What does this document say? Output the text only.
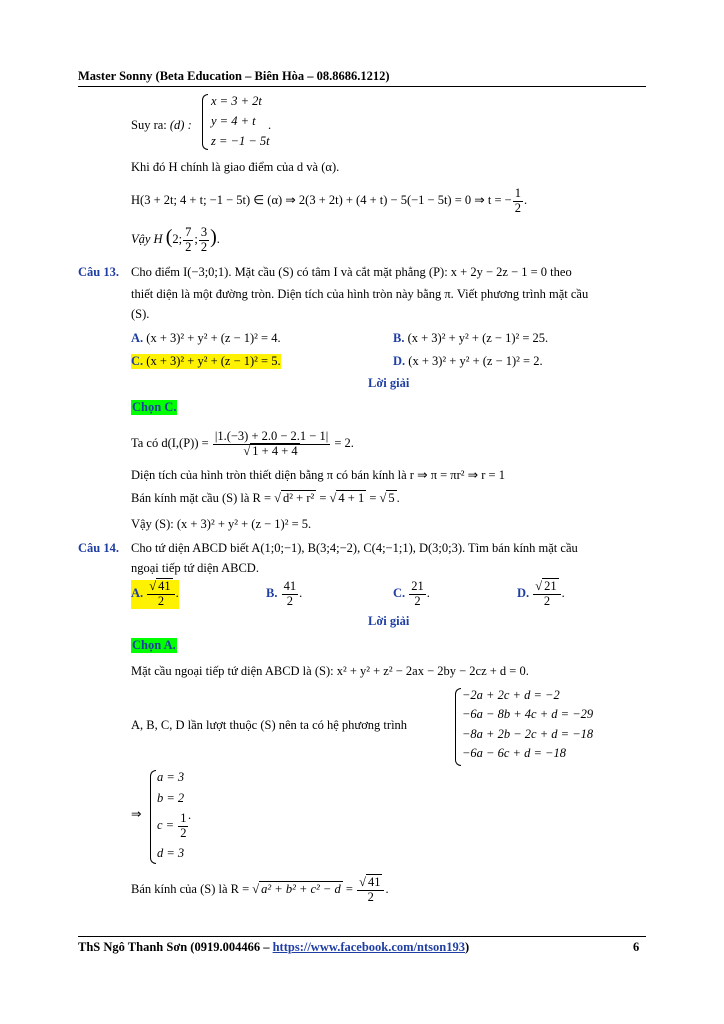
Master Sonny (Beta Education – Biên Hòa – 08.8686.1212)
Suy ra: (d) :
x = 3 + 2t
y = 4 + t
z = −1 − 5t
.
Khi đó H chính là giao điểm của d và (α).
H(3 + 2t; 4 + t; −1 − 5t) ∈ (α) ⇒ 2(3 + 2t) + (4 + t) − 5(−1 − 5t) = 0 ⇒ t = − $\frac{1}{2}$ .
Vậy H (2; $\frac{7}{2}$ ; $\frac{3}{2}$ ).
Câu 13. Cho điểm I(−3;0;1). Mặt cầu (S) có tâm I và cắt mặt phẳng (P): x + 2y − 2z − 1 = 0 theo
thiết diện là một đường tròn. Diện tích của hình tròn này bằng π. Viết phương trình mặt cầu
(S).
A. (x + 3)² + y² + (z − 1)² = 4.	B. (x + 3)² + y² + (z − 1)² = 25.
C. (x + 3)² + y² + (z − 1)² = 5.	D. (x + 3)² + y² + (z − 1)² = 2.
Lời giải
Chọn C.
Ta có $d(I,(P)) = \frac{|1.(-3) + 2.0 - 2.1 - 1|}{√ 1 + 4 + 4} = 2$.
Diện tích của hình tròn thiết diện bằng π có bán kính là r ⇒ π = πr² ⇒ r = 1
Bán kính mặt cầu (S) là R = √ d² + r² = √ 4 + 1 = √ 5 .
Vậy (S): (x + 3)² + y² + (z − 1)² = 5.
Câu 14. Cho tứ diện ABCD biết A(1;0;−1), B(3;4;−2), C(4;−1;1), D(3;0;3). Tìm bán kính mặt cầu
ngoại tiếp tứ diện ABCD.
A. $\frac{√ 41}{2}$ .	B. $\frac{41}{2}$ .	C. $\frac{21}{2}$ .	D. $\frac{√ 21}{2}$ .
Lời giải
Chọn A.
Mặt cầu ngoại tiếp tứ diện ABCD là (S): x² + y² + z² − 2ax − 2by − 2cz + d = 0.
A, B, C, D lần lượt thuộc (S) nên ta có hệ phương trình
−2a + 2c + d = −2
−6a − 8b + 4c + d = −29
−8a + 2b − 2c + d = −18
−6a − 6c + d = −18
⇒
a = 3
b = 2
$c = \frac{1}{2}$
d = 3
.
Bán kính của (S) là R = √ $a^2 + b^2 + c^2 - d = \frac{√ 41}{2}$ .
ThS Ngô Thanh Sơn (0919.004466 – https://www.facebook.com/ntson193)	6
